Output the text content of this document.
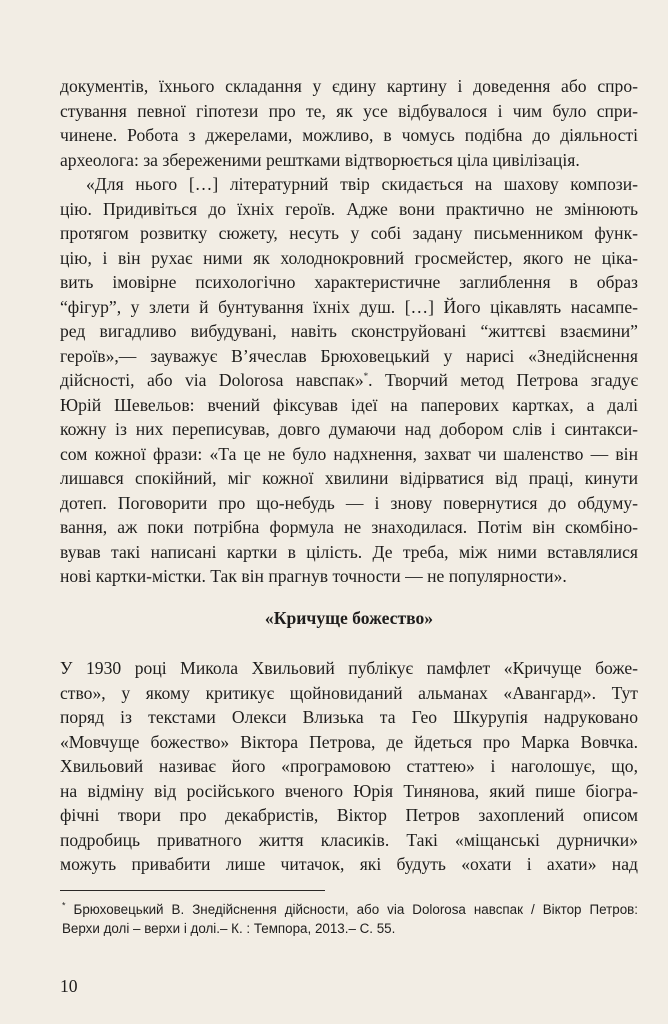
документів, їхнього складання у єдину картину і доведення або спро-
стування певної гіпотези про те, як усе відбувалося і чим було спри-
чинене. Робота з джерелами, можливо, в чомусь подібна до діяльності
археолога: за збереженими рештками відтворюється ціла цивілізація.
«Для нього […] літературний твір скидається на шахову компози-
цію. Придивіться до їхніх героїв. Адже вони практично не змінюють
протягом розвитку сюжету, несуть у собі задану письменником функ-
цію, і він рухає ними як холоднокровний гросмейстер, якого не ціка-
вить імовірне психологічно характеристичне заглиблення в образ
“фігур”, у злети й бунтування їхніх душ. […] Його цікавлять насампе-
ред вигадливо вибудувані, навіть сконструйовані “життєві взаємини”
героїв»,— зауважує В’ячеслав Брюховецький у нарисі «Знедійснення
дійсності, або via Dolorosa навспак»*. Творчий метод Петрова згадує
Юрій Шевельов: вчений фіксував ідеї на паперових картках, а далі
кожну із них переписував, довго думаючи над добором слів і синтакси-
сом кожної фрази: «Та це не було надхнення, захват чи шаленство — він
лишався спокійний, міг кожної хвилини відірватися від праці, кинути
дотеп. Поговорити про що-небудь — і знову повернутися до обдуму-
вання, аж поки потрібна формула не знаходилася. Потім він скомбіно-
вував такі написані картки в цілість. Де треба, між ними вставлялися
нові картки-містки. Так він прагнув точности — не популярности».
«Кричуще божество»
У 1930 році Микола Хвильовий публікує памфлет «Кричуще боже-
ство», у якому критикує щойновиданий альманах «Авангард». Тут
поряд із текстами Олекси Влизька та Гео Шкурупія надруковано
«Мовчуще божество» Віктора Петрова, де йдеться про Марка Вовчка.
Хвильовий називає його «програмовою статтею» і наголошує, що,
на відміну від російського вченого Юрія Тинянова, який пише біогра-
фічні твори про декабристів, Віктор Петров захоплений описом
подробиць приватного життя класиків. Такі «міщанські дурнички»
можуть привабити лише читачок, які будуть «охати і ахати» над
* Брюховецький В. Знедійснення дійсности, або via Dolorosa навспак / Віктор Петров:
Верхи долі – верхи і долі.– К. : Темпора, 2013.– С. 55.
10
